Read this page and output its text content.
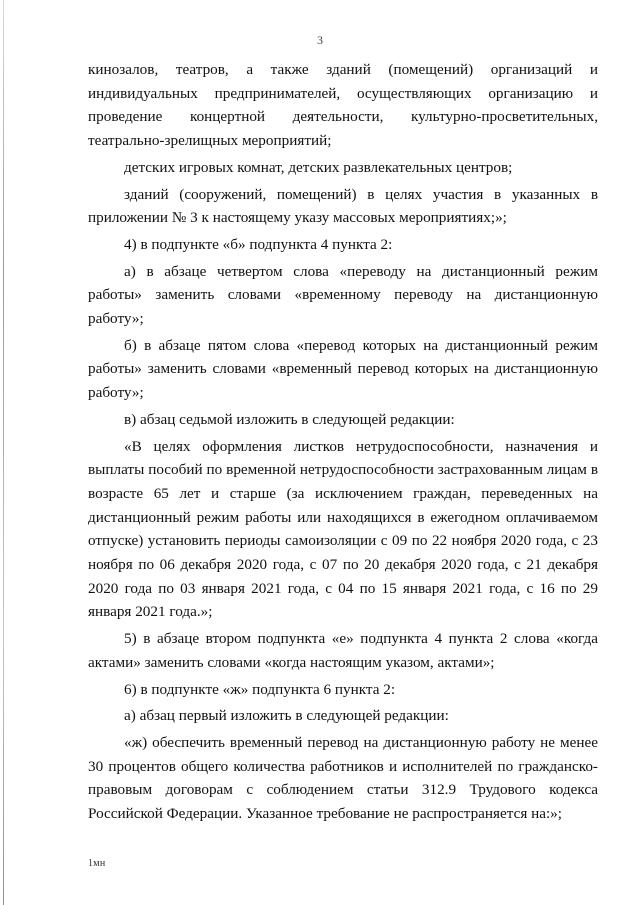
3

кинозалов, театров, а также зданий (помещений) организаций и индивидуальных предпринимателей, осуществляющих организацию и проведение концертной деятельности, культурно-просветительных, театрально-зрелищных мероприятий;

детских игровых комнат, детских развлекательных центров;

зданий (сооружений, помещений) в целях участия в указанных в приложении № 3 к настоящему указу массовых мероприятиях;»;

4) в подпункте «б» подпункта 4 пункта 2:

а) в абзаце четвертом слова «переводу на дистанционный режим работы» заменить словами «временному переводу на дистанционную работу»;

б) в абзаце пятом слова «перевод которых на дистанционный режим работы» заменить словами «временный перевод которых на дистанционную работу»;

в) абзац седьмой изложить в следующей редакции:

«В целях оформления листков нетрудоспособности, назначения и выплаты пособий по временной нетрудоспособности застрахованным лицам в возрасте 65 лет и старше (за исключением граждан, переведенных на дистанционный режим работы или находящихся в ежегодном оплачиваемом отпуске) установить периоды самоизоляции с 09 по 22 ноября 2020 года, с 23 ноября по 06 декабря 2020 года, с 07 по 20 декабря 2020 года, с 21 декабря 2020 года по 03 января 2021 года, с 04 по 15 января 2021 года, с 16 по 29 января 2021 года.»;

5) в абзаце втором подпункта «е» подпункта 4 пункта 2 слова «когда актами» заменить словами «когда настоящим указом, актами»;

6) в подпункте «ж» подпункта 6 пункта 2:

а) абзац первый изложить в следующей редакции:

«ж) обеспечить временный перевод на дистанционную работу не менее 30 процентов общего количества работников и исполнителей по гражданско-правовым договорам с соблюдением статьи 312.9 Трудового кодекса Российской Федерации. Указанное требование не распространяется на:»;

1мн
